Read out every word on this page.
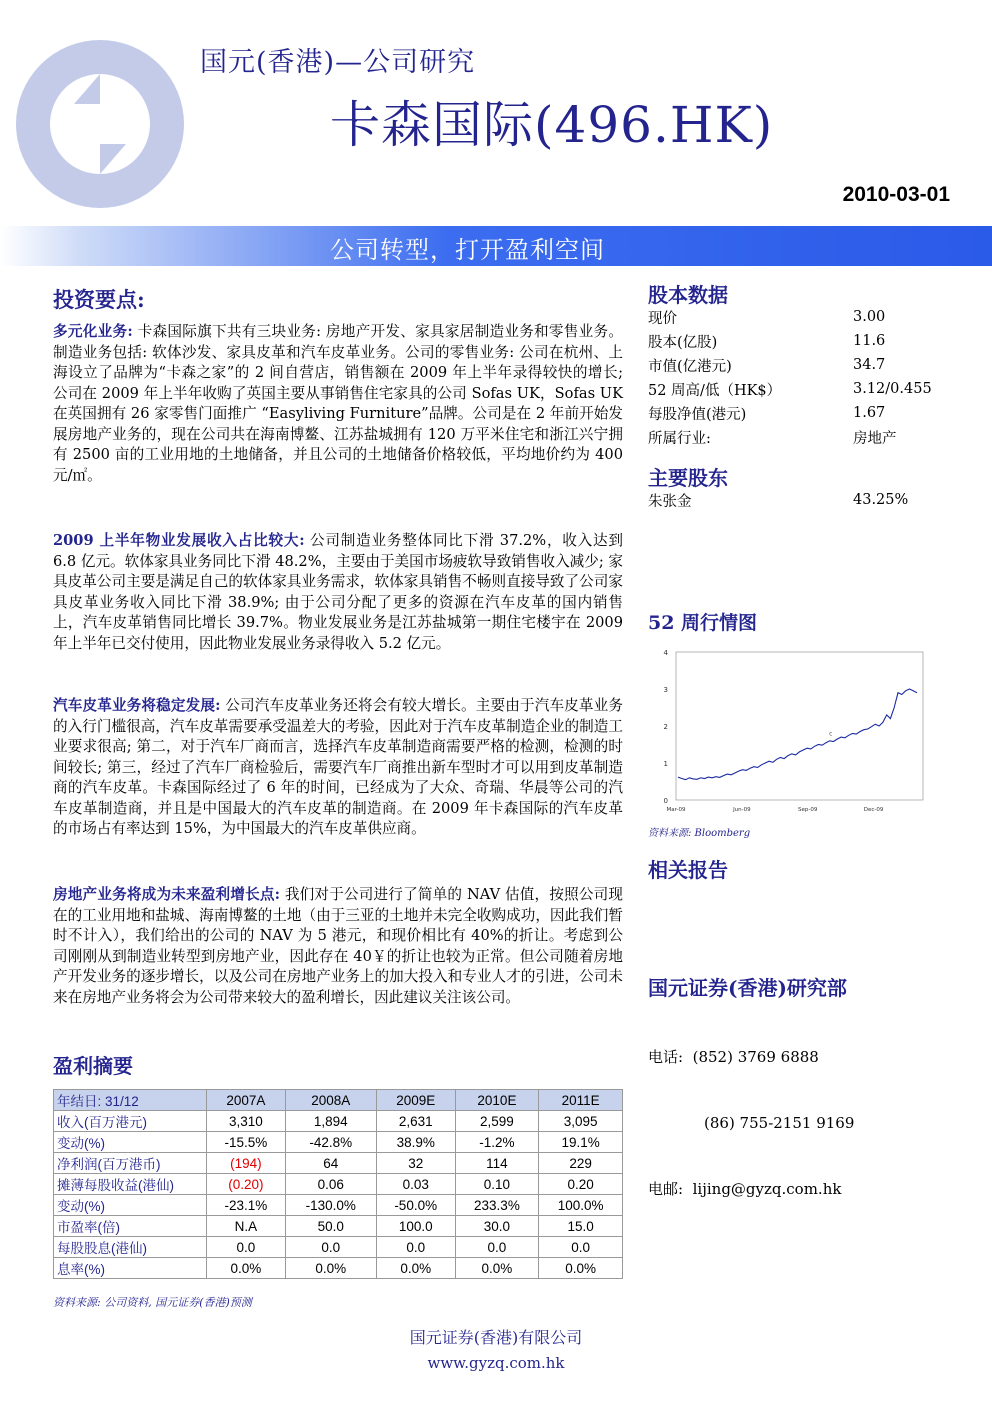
国元(香港)—公司研究
卡森国际(496.HK)
2010-03-01
公司转型，打开盈利空间
投资要点:
多元化业务: 卡森国际旗下共有三块业务: 房地产开发、家具家居制造业务和零售业务。制造业务包括: 软体沙发、家具皮革和汽车皮革业务。公司的零售业务: 公司在杭州、上海设立了品牌为“卡森之家”的 2 间自营店，销售额在 2009 年上半年录得较快的增长; 公司在 2009 年上半年收购了英国主要从事销售住宅家具的公司 Sofas UK，Sofas UK 在英国拥有 26 家零售门面推广 “Easyliving Furniture”品牌。公司是在 2 年前开始发展房地产业务的，现在公司共在海南博鳌、江苏盐城拥有 120 万平米住宅和浙江兴宁拥有 2500 亩的工业用地的土地储备，并且公司的土地储备价格较低，平均地价约为 400 元/㎡。
2009 上半年物业发展收入占比较大: 公司制造业务整体同比下滑 37.2%，收入达到 6.8 亿元。软体家具业务同比下滑 48.2%，主要由于美国市场疲软导致销售收入减少; 家具皮革公司主要是满足自己的软体家具业务需求，软体家具销售不畅则直接导致了公司家具皮革业务收入同比下滑 38.9%; 由于公司分配了更多的资源在汽车皮革的国内销售上，汽车皮革销售同比增长 39.7%。物业发展业务是江苏盐城第一期住宅楼宇在 2009 年上半年已交付使用，因此物业发展业务录得收入 5.2 亿元。
汽车皮革业务将稳定发展: 公司汽车皮革业务还将会有较大增长。主要由于汽车皮革业务的入行门槛很高，汽车皮革需要承受温差大的考验，因此对于汽车皮革制造企业的制造工业要求很高; 第二，对于汽车厂商而言，选择汽车皮革制造商需要严格的检测，检测的时间较长; 第三，经过了汽车厂商检验后，需要汽车厂商推出新车型时才可以用到皮革制造商的汽车皮革。卡森国际经过了 6 年的时间，已经成为了大众、奇瑞、华晨等公司的汽车皮革制造商，并且是中国最大的汽车皮革的制造商。在 2009 年卡森国际的汽车皮革的市场占有率达到 15%，为中国最大的汽车皮革供应商。
房地产业务将成为未来盈利增长点: 我们对于公司进行了简单的 NAV 估值，按照公司现在的工业用地和盐城、海南博鳌的土地（由于三亚的土地并未完全收购成功，因此我们暂时不计入），我们给出的公司的 NAV 为 5 港元，和现价相比有 40%的折让。考虑到公司刚刚从到制造业转型到房地产业，因此存在 40￥的折让也较为正常。但公司随着房地产开发业务的逐步增长，以及公司在房地产业务上的加大投入和专业人才的引进，公司未来在房地产业务将会为公司带来较大的盈利增长，因此建议关注该公司。
盈利摘要
年结日: 31/12	2007A	2008A	2009E	2010E	2011E
收入(百万港元)	3,310	1,894	2,631	2,599	3,095
变动(%)	-15.5%	-42.8%	38.9%	-1.2%	19.1%
净利润(百万港币)	(194)	64	32	114	229
摊薄每股收益(港仙)	(0.20)	0.06	0.03	0.10	0.20
变动(%)	-23.1%	-130.0%	-50.0%	233.3%	100.0%
市盈率(倍)	N.A	50.0	100.0	30.0	15.0
每股股息(港仙)	0.0	0.0	0.0	0.0	0.0
息率(%)	0.0%	0.0%	0.0%	0.0%	0.0%
资料来源: 公司资料, 国元证券(香港)预测
股本数据
现价	3.00
股本(亿股)	11.6
市值(亿港元)	34.7
52 周高/低（HK$）	3.12/0.455
每股净值(港元)	1.67
所属行业:	房地产
主要股东
朱张金	43.25%
52 周行情图
0
1
2
3
4
Mar-09	Jun-09	Sep-09	Dec-09
c
资料来源: Bloomberg
相关报告
国元证券(香港)研究部

电话: (852) 3769 6888

(86) 755-2151 9169

电邮: lijing@gyzq.com.hk

国元证券(香港)有限公司
www.gyzq.com.hk
